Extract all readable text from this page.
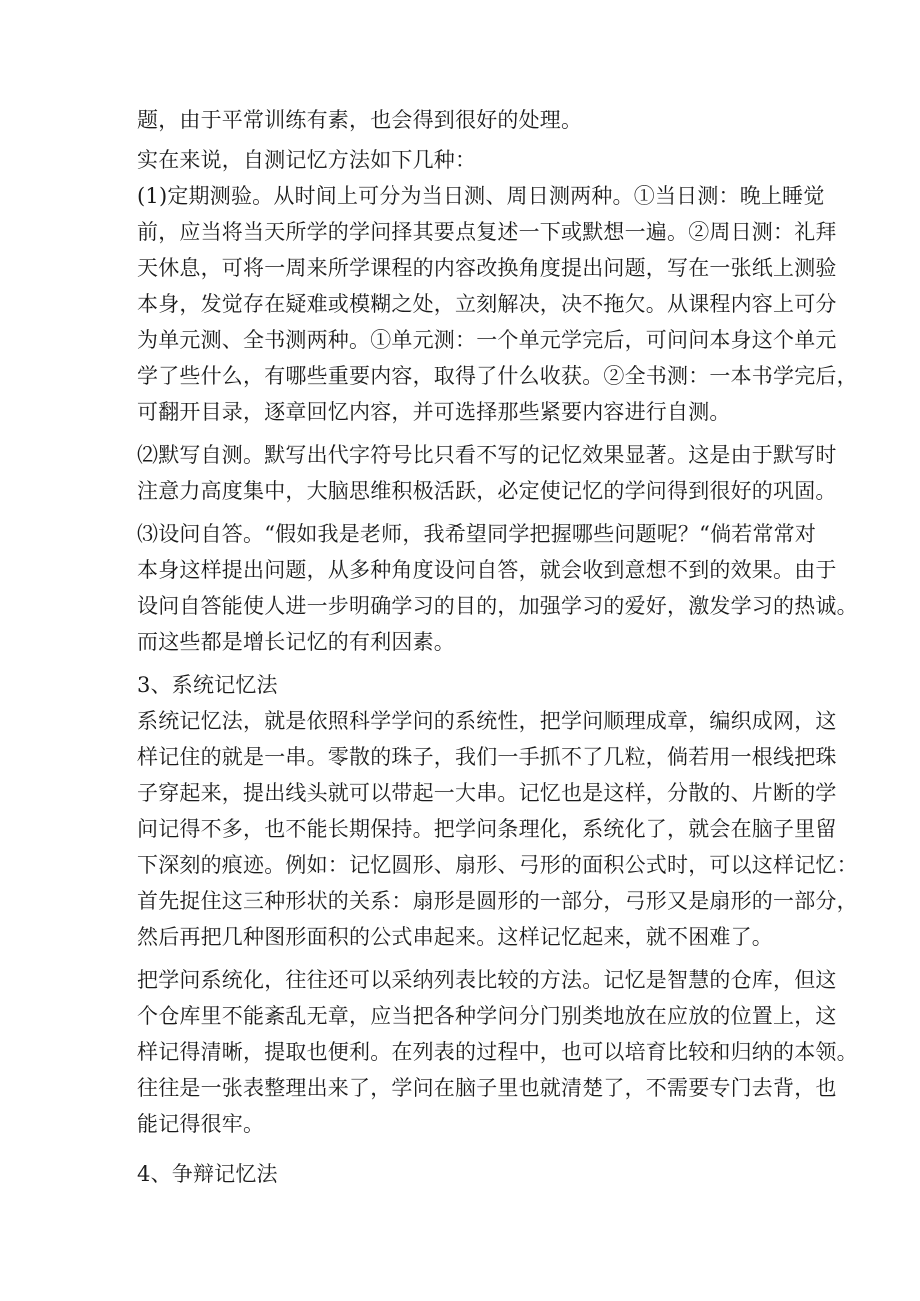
题，由于平常训练有素，也会得到很好的处理。
实在来说，自测记忆方法如下几种：
(1)定期测验。从时间上可分为当日测、周日测两种。①当日测：晚上睡觉
前，应当将当天所学的学问择其要点复述一下或默想一遍。②周日测：礼拜
天休息，可将一周来所学课程的内容改换角度提出问题，写在一张纸上测验
本身，发觉存在疑难或模糊之处，立刻解决，决不拖欠。从课程内容上可分
为单元测、全书测两种。①单元测：一个单元学完后，可问问本身这个单元
学了些什么，有哪些重要内容，取得了什么收获。②全书测：一本书学完后，
可翻开目录，逐章回忆内容，并可选择那些紧要内容进行自测。
⑵默写自测。默写出代字符号比只看不写的记忆效果显著。这是由于默写时
注意力高度集中，大脑思维积极活跃，必定使记忆的学问得到很好的巩固。
⑶设问自答。“假如我是老师，我希望同学把握哪些问题呢？“倘若常常对
本身这样提出问题，从多种角度设问自答，就会收到意想不到的效果。由于
设问自答能使人进一步明确学习的目的，加强学习的爱好，激发学习的热诚。
而这些都是增长记忆的有利因素。
3、系统记忆法
系统记忆法，就是依照科学学问的系统性，把学问顺理成章，编织成网，这
样记住的就是一串。零散的珠子，我们一手抓不了几粒，倘若用一根线把珠
子穿起来，提出线头就可以带起一大串。记忆也是这样，分散的、片断的学
问记得不多，也不能长期保持。把学问条理化，系统化了，就会在脑子里留
下深刻的痕迹。例如：记忆圆形、扇形、弓形的面积公式时，可以这样记忆：
首先捉住这三种形状的关系：扇形是圆形的一部分，弓形又是扇形的一部分，
然后再把几种图形面积的公式串起来。这样记忆起来，就不困难了。
把学问系统化，往往还可以采纳列表比较的方法。记忆是智慧的仓库，但这
个仓库里不能紊乱无章，应当把各种学问分门别类地放在应放的位置上，这
样记得清晰，提取也便利。在列表的过程中，也可以培育比较和归纳的本领。
往往是一张表整理出来了，学问在脑子里也就清楚了，不需要专门去背，也
能记得很牢。
4、争辩记忆法
